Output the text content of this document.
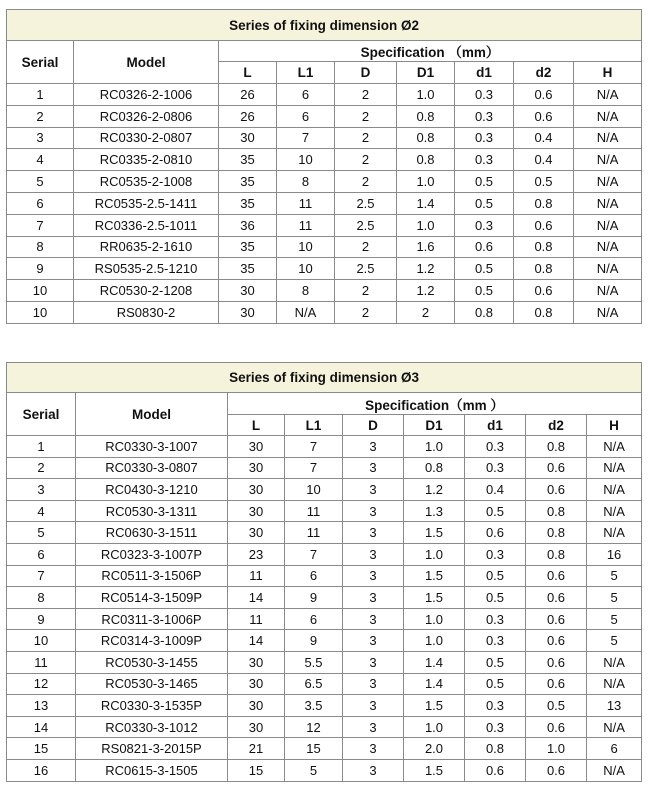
Series of fixing dimension Ø2								
Serial	Model	Specification （mm）						
		L	L1	D	D1	d1	d2	H
1	RC0326-2-1006	26	6	2	1.0	0.3	0.6	N/A
2	RC0326-2-0806	26	6	2	0.8	0.3	0.6	N/A
3	RC0330-2-0807	30	7	2	0.8	0.3	0.4	N/A
4	RC0335-2-0810	35	10	2	0.8	0.3	0.4	N/A
5	RC0535-2-1008	35	8	2	1.0	0.5	0.5	N/A
6	RC0535-2.5-1411	35	11	2.5	1.4	0.5	0.8	N/A
7	RC0336-2.5-1011	36	11	2.5	1.0	0.3	0.6	N/A
8	RR0635-2-1610	35	10	2	1.6	0.6	0.8	N/A
9	RS0535-2.5-1210	35	10	2.5	1.2	0.5	0.8	N/A
10	RC0530-2-1208	30	8	2	1.2	0.5	0.6	N/A
10	RS0830-2	30	N/A	2	2	0.8	0.8	N/A
Series of fixing dimension Ø3								
Serial	Model	Specification（mm ）						
		L	L1	D	D1	d1	d2	H
1	RC0330-3-1007	30	7	3	1.0	0.3	0.8	N/A
2	RC0330-3-0807	30	7	3	0.8	0.3	0.6	N/A
3	RC0430-3-1210	30	10	3	1.2	0.4	0.6	N/A
4	RC0530-3-1311	30	11	3	1.3	0.5	0.8	N/A
5	RC0630-3-1511	30	11	3	1.5	0.6	0.8	N/A
6	RC0323-3-1007P	23	7	3	1.0	0.3	0.8	16
7	RC0511-3-1506P	11	6	3	1.5	0.5	0.6	5
8	RC0514-3-1509P	14	9	3	1.5	0.5	0.6	5
9	RC0311-3-1006P	11	6	3	1.0	0.3	0.6	5
10	RC0314-3-1009P	14	9	3	1.0	0.3	0.6	5
11	RC0530-3-1455	30	5.5	3	1.4	0.5	0.6	N/A
12	RC0530-3-1465	30	6.5	3	1.4	0.5	0.6	N/A
13	RC0330-3-1535P	30	3.5	3	1.5	0.3	0.5	13
14	RC0330-3-1012	30	12	3	1.0	0.3	0.6	N/A
15	RS0821-3-2015P	21	15	3	2.0	0.8	1.0	6
16	RC0615-3-1505	15	5	3	1.5	0.6	0.6	N/A
